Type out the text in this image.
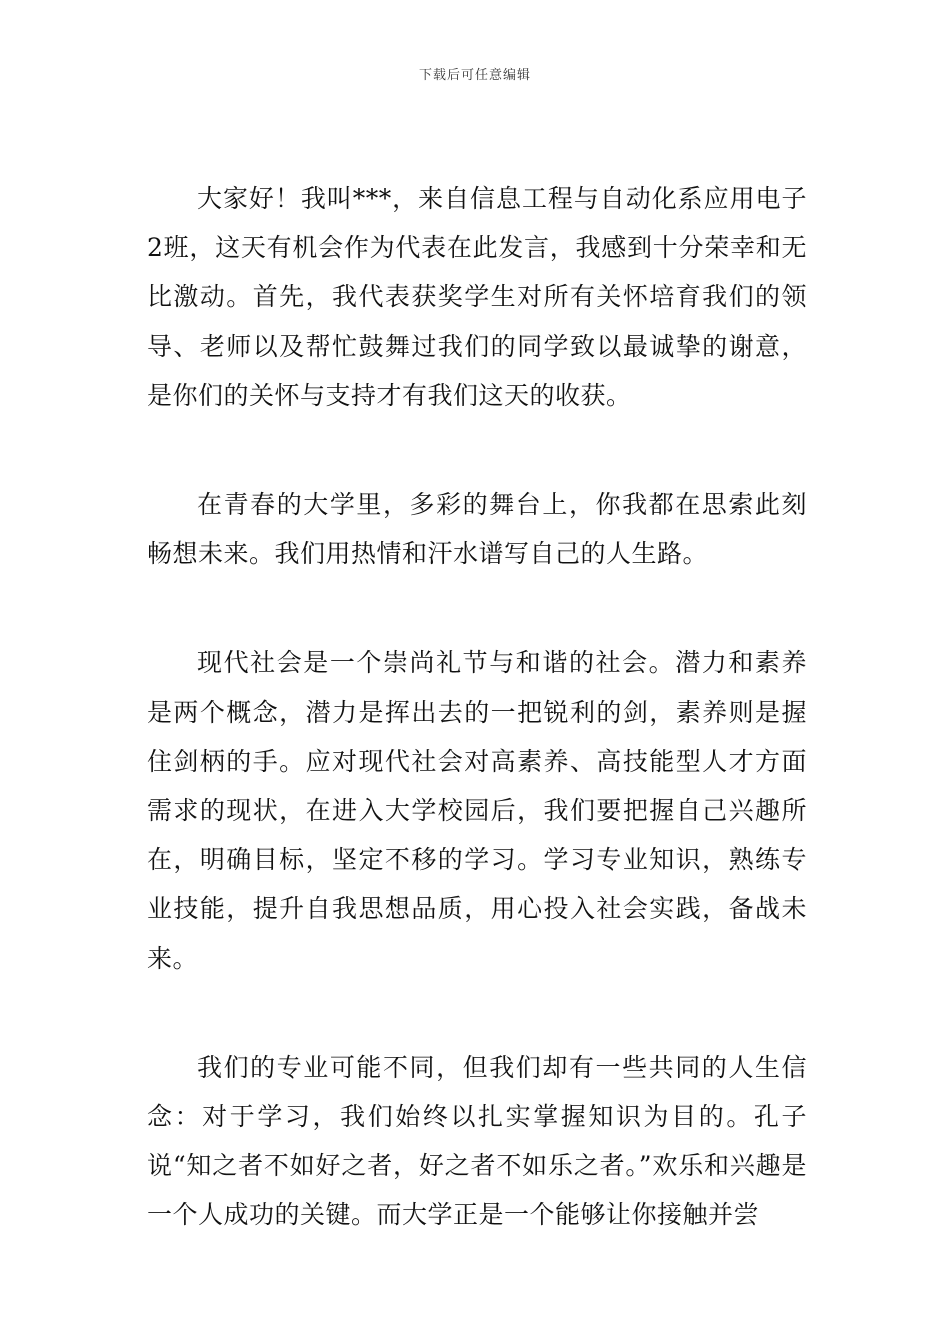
下载后可任意编辑

大家好！我叫***，来自信息工程与自动化系应用电子2班，这天有机会作为代表在此发言，我感到十分荣幸和无比激动。首先，我代表获奖学生对所有关怀培育我们的领导、老师以及帮忙鼓舞过我们的同学致以最诚挚的谢意，是你们的关怀与支持才有我们这天的收获。

在青春的大学里，多彩的舞台上，你我都在思索此刻畅想未来。我们用热情和汗水谱写自己的人生路。

现代社会是一个崇尚礼节与和谐的社会。潜力和素养是两个概念，潜力是挥出去的一把锐利的剑，素养则是握住剑柄的手。应对现代社会对高素养、高技能型人才方面需求的现状，在进入大学校园后，我们要把握自己兴趣所在，明确目标，坚定不移的学习。学习专业知识，熟练专业技能，提升自我思想品质，用心投入社会实践，备战未来。

我们的专业可能不同，但我们却有一些共同的人生信念：对于学习，我们始终以扎实掌握知识为目的。孔子说“知之者不如好之者，好之者不如乐之者。”欢乐和兴趣是一个人成功的关键。而大学正是一个能够让你接触并尝
